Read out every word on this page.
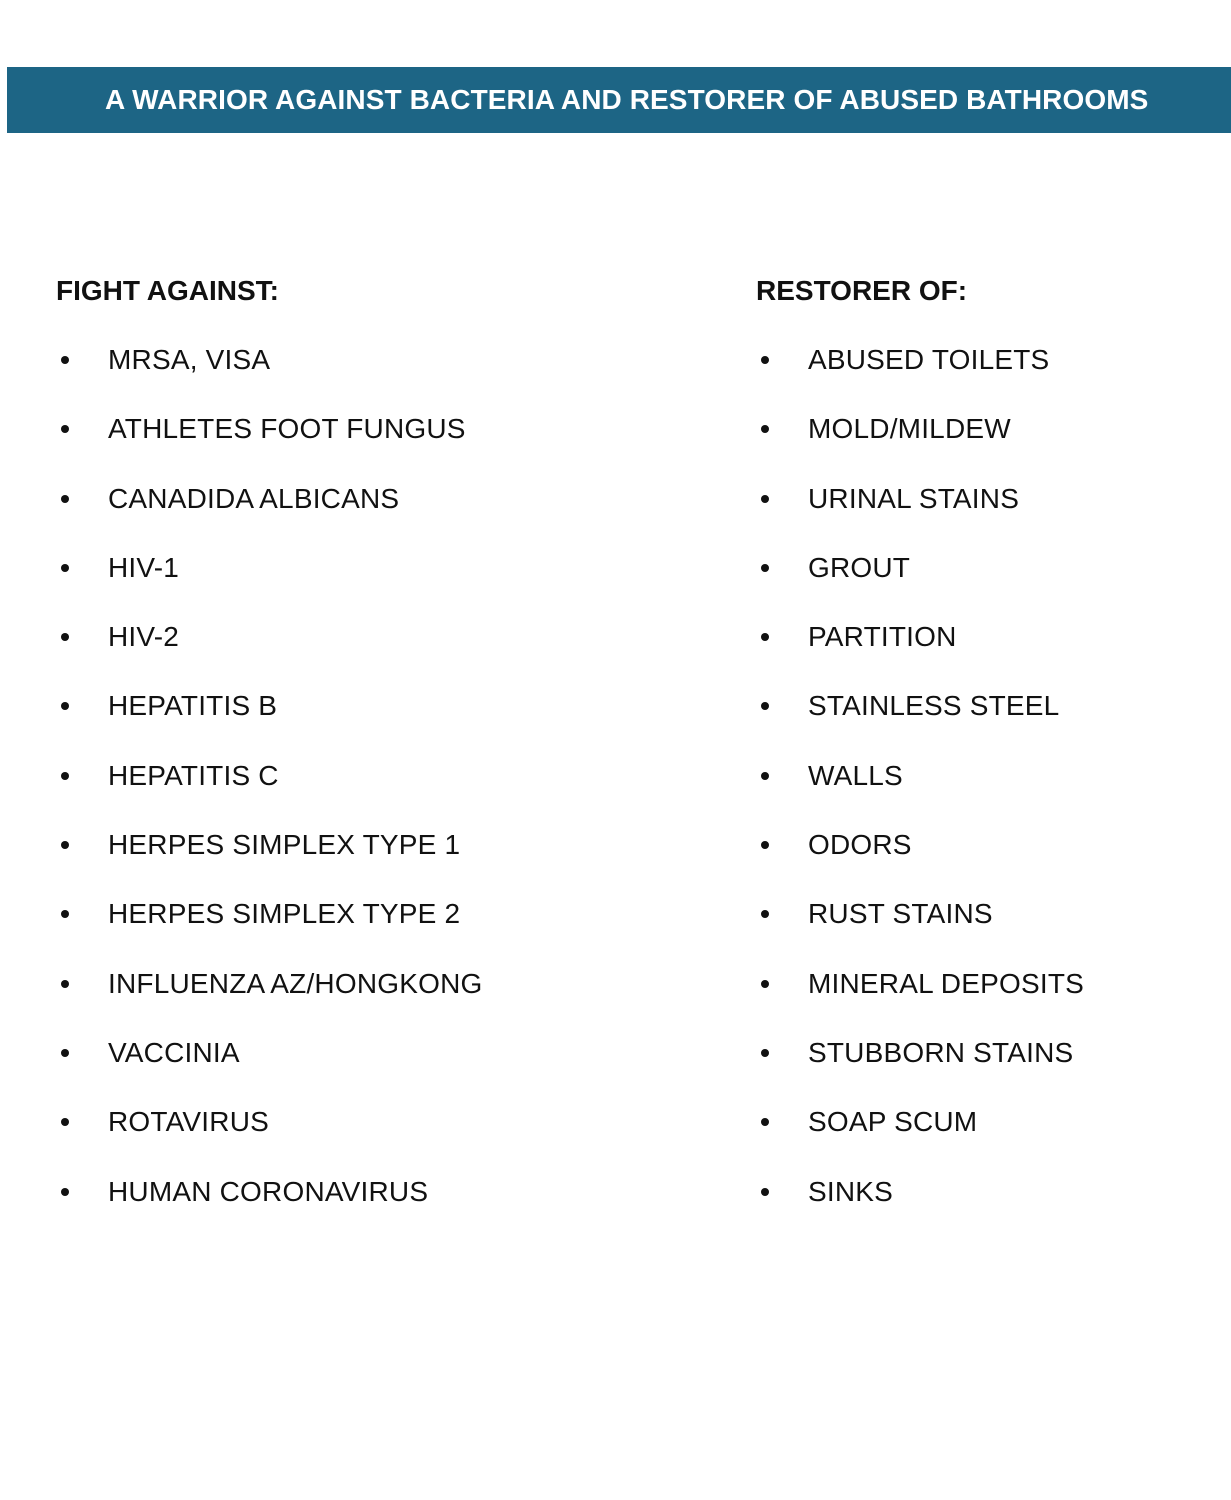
A WARRIOR AGAINST BACTERIA AND RESTORER OF ABUSED BATHROOMS
FIGHT AGAINST:
MRSA, VISA
ATHLETES FOOT FUNGUS
CANADIDA ALBICANS
HIV-1
HIV-2
HEPATITIS B
HEPATITIS C
HERPES SIMPLEX TYPE 1
HERPES SIMPLEX TYPE 2
INFLUENZA AZ/HONGKONG
VACCINIA
ROTAVIRUS
HUMAN CORONAVIRUS
RESTORER OF:
ABUSED TOILETS
MOLD/MILDEW
URINAL STAINS
GROUT
PARTITION
STAINLESS STEEL
WALLS
ODORS
RUST STAINS
MINERAL DEPOSITS
STUBBORN STAINS
SOAP SCUM
SINKS
